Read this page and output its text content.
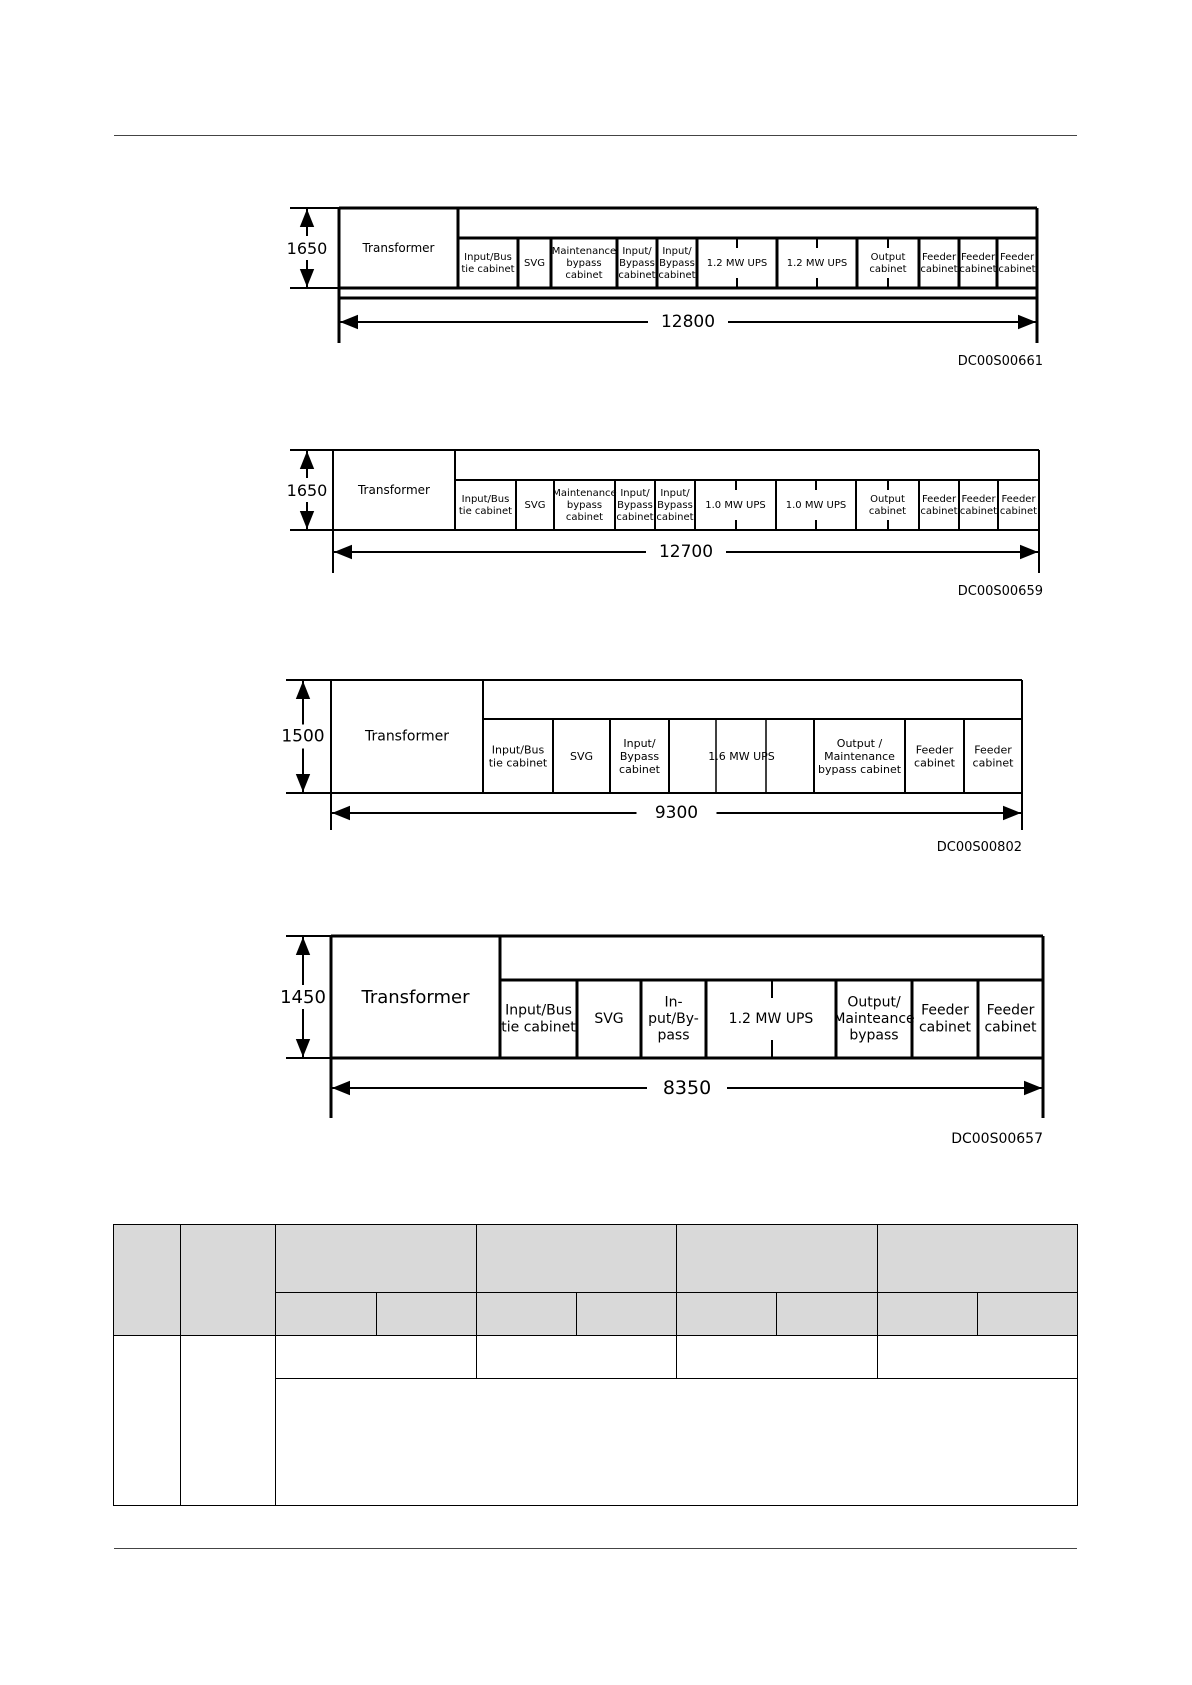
Transformer
Input/Bus tie cabinet
SVG
Maintenance bypass cabinet
Input/ Bypass cabinet
Input/ Bypass cabinet
1.2 MW UPS 1.2 MW UPS
Output cabinet
Feeder cabinet
Feeder cabinet
Feeder cabinet
1650
12800
DC00S00661
Transformer
Input/Bus tie cabinet
SVG
Maintenance bypass cabinet
Input/ Bypass cabinet
Input/ Bypass cabinet
1.0 MW UPS 1.0 MW UPS
Output cabinet
Feeder cabinet
Feeder cabinet
Feeder cabinet
1650
12700
DC00S00659
Transformer
Input/Bus tie cabinet SVG
Input/ Bypass cabinet
1.6 MW UPS
Output / Maintenance bypass cabinet
Feeder cabinet
Feeder cabinet
1500
9300
DC00S00802
Transformer
Input/Bus tie cabinet
SVG
In-put/By-pass
1.2 MW UPS
Output/ Mainteance bypass
Feeder cabinet
Feeder cabinet
1450
8350
DC00S00657
